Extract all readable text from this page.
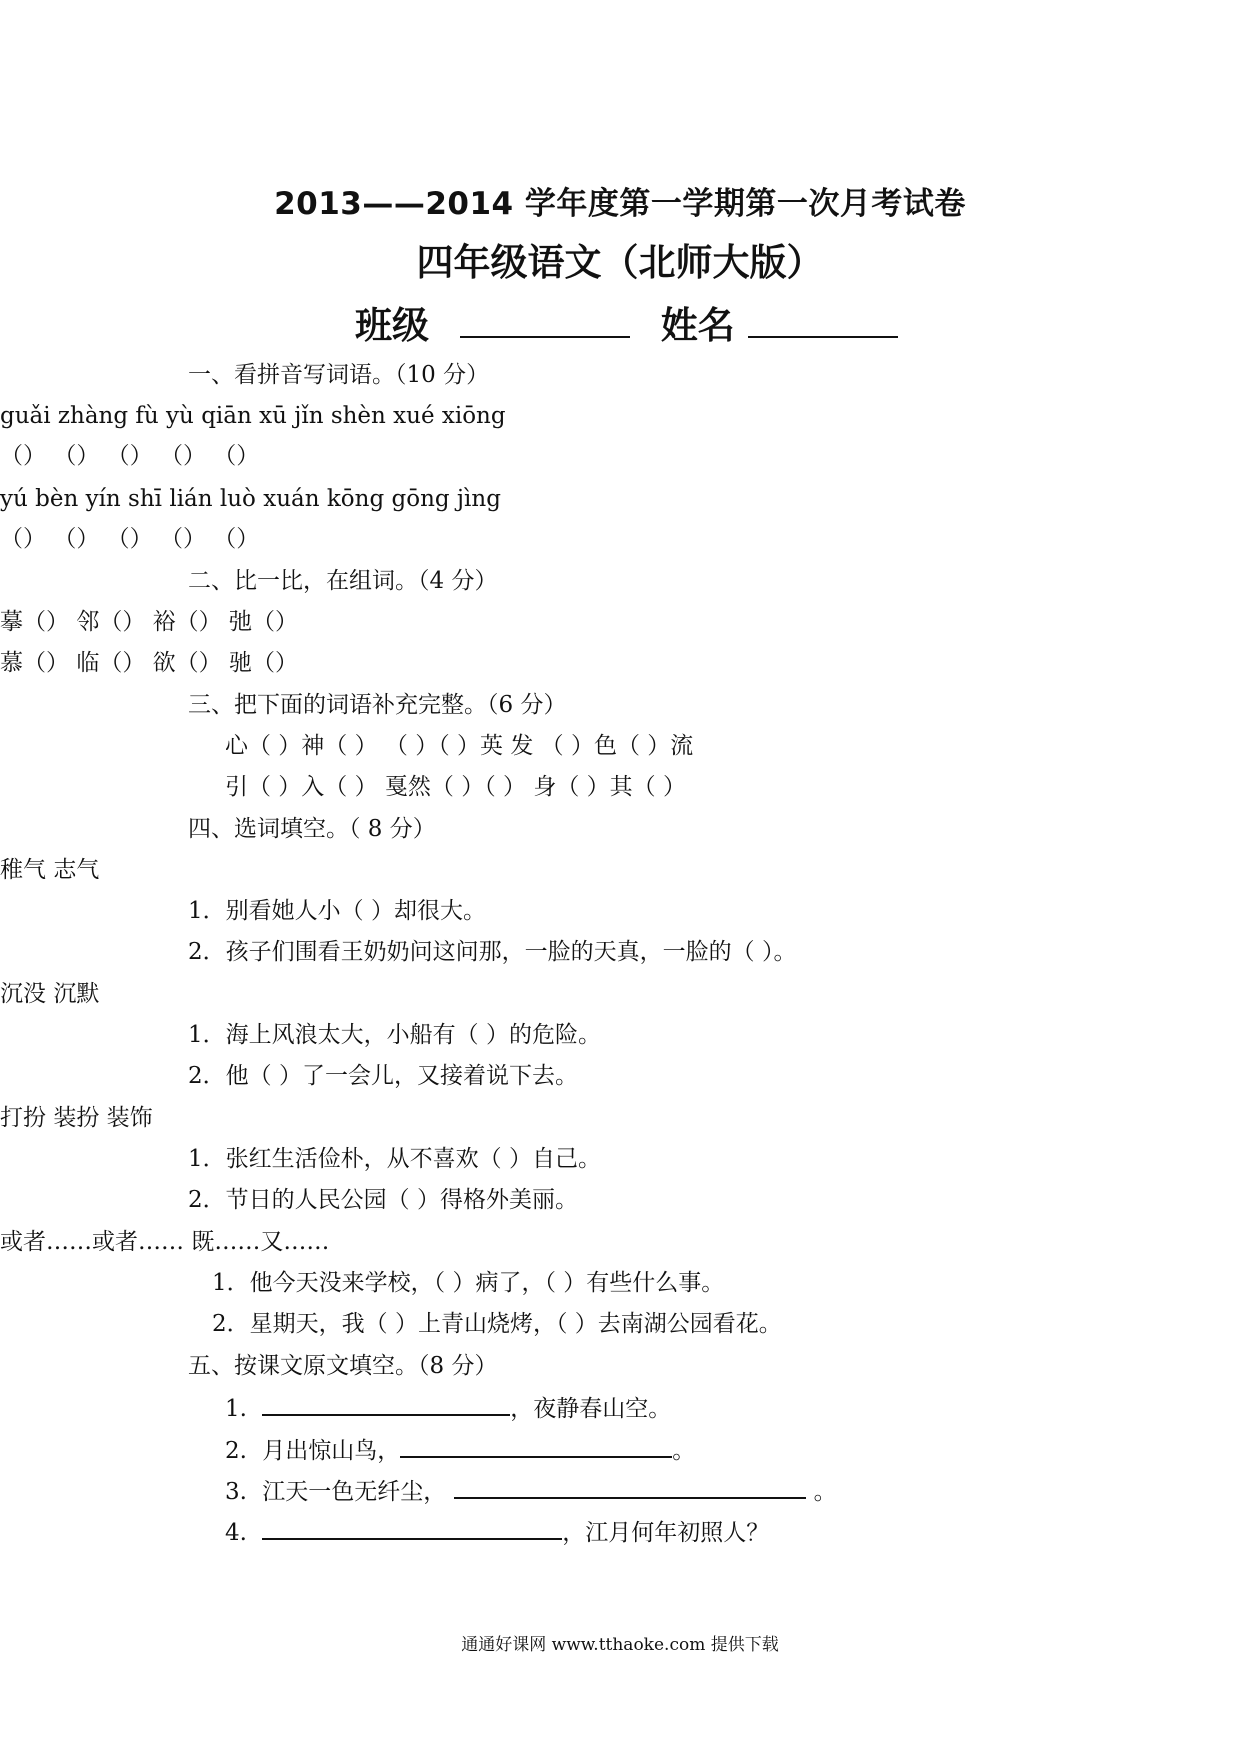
2013——2014 学年度第一学期第一次月考试卷
四年级语文（北师大版）
班级	姓名
一、看拼音写词语。（10 分）
guǎi zhàng fù yù qiān xū jǐn shèn xué xiōng
（） （） （） （） （）
yú bèn yín shī lián luò xuán kōng gōng jìng
（） （） （） （） （）
二、比一比，在组词。（4 分）
摹（） 邻（） 裕（） 弛（）
慕（） 临（） 欲（） 驰（）
三、把下面的词语补充完整。（6 分）
心（ ）神（ ） （ ）（ ）英 发 （ ）色（ ）流
引（ ）入（ ） 戛然（ ）（ ） 身（ ）其（ ）
四、选词填空。（ 8 分）
稚气 志气
1．别看她人小（ ）却很大。
2．孩子们围看王奶奶问这问那，一脸的天真，一脸的（ ）。
沉没 沉默
1．海上风浪太大，小船有（ ）的危险。
2．他（ ）了一会儿，又接着说下去。
打扮 装扮 装饰
1．张红生活俭朴，从不喜欢（ ）自己。
2．节日的人民公园（ ）得格外美丽。
或者……或者…… 既……又……
1．他今天没来学校，（ ）病了，（ ）有些什么事。
2．星期天，我（ ）上青山烧烤，（ ）去南湖公园看花。
五、按课文原文填空。（8 分）
1.	，夜静春山空。
2. 月出惊山鸟，	。
3. 江天一色无纤尘，	。
4.	，江月何年初照人？
通通好课网 www.tthaoke.com 提供下载
